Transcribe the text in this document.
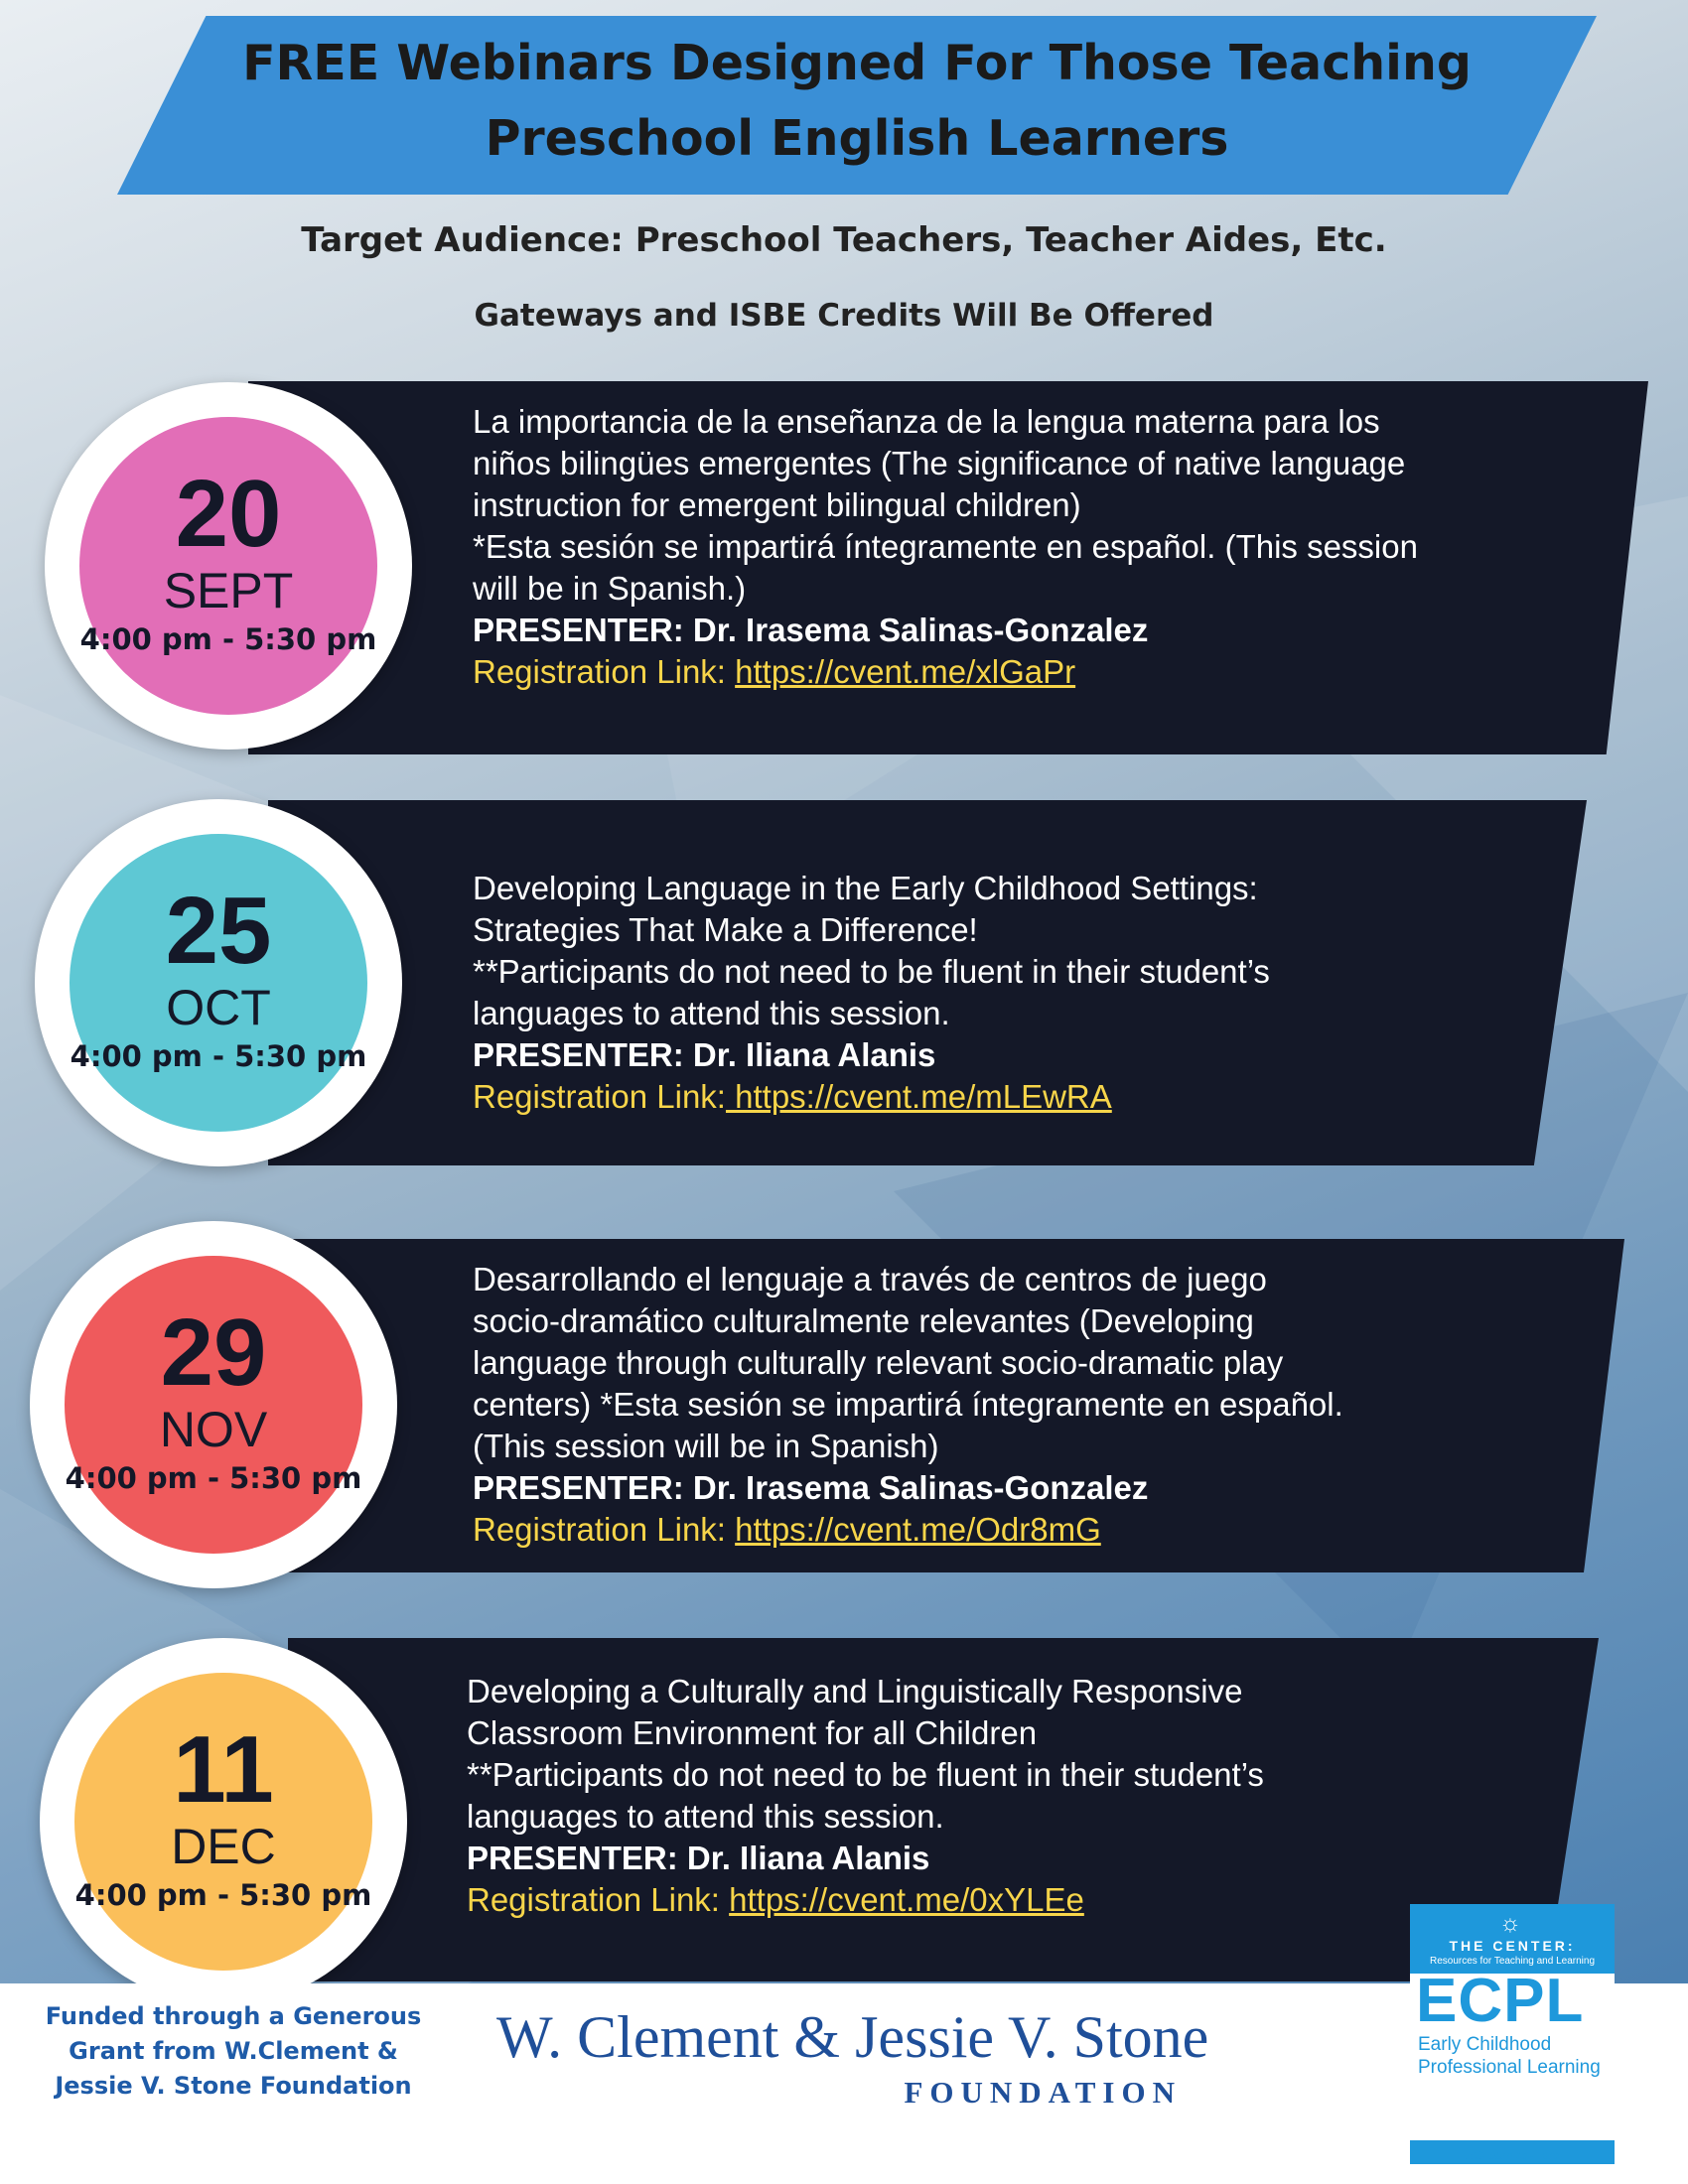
FREE Webinars Designed For Those Teaching Preschool English Learners
Target Audience: Preschool Teachers, Teacher Aides, Etc.
Gateways and ISBE Credits Will Be Offered
La importancia de la enseñanza de la lengua materna para los
niños bilingües emergentes (The significance of native language
instruction for emergent bilingual children)
*Esta sesión se impartirá íntegramente en español. (This session
will be in Spanish.)
PRESENTER: Dr. Irasema Salinas-Gonzalez
Registration Link: https://cvent.me/xlGaPr
20
SEPT
4:00 pm - 5:30 pm
Developing Language in the Early Childhood Settings:
Strategies That Make a Difference!
**Participants do not need to be fluent in their student’s
languages to attend this session.
PRESENTER: Dr. Iliana Alanis
Registration Link: https://cvent.me/mLEwRA
25
OCT
4:00 pm - 5:30 pm
Desarrollando el lenguaje a través de centros de juego
socio-dramático culturalmente relevantes (Developing
language through culturally relevant socio-dramatic play
centers) *Esta sesión se impartirá íntegramente en español.
(This session will be in Spanish)
PRESENTER: Dr. Irasema Salinas-Gonzalez
Registration Link: https://cvent.me/Odr8mG
29
NOV
4:00 pm - 5:30 pm
Developing a Culturally and Linguistically Responsive
Classroom Environment for all Children
**Participants do not need to be fluent in their student’s
languages to attend this session.
PRESENTER: Dr. Iliana Alanis
Registration Link: https://cvent.me/0xYLEe
11
DEC
4:00 pm - 5:30 pm
Funded through a Generous Grant from W.Clement & Jessie V. Stone Foundation
W. Clement & Jessie V. Stone
FOUNDATION
☼
THE CENTER:
Resources for Teaching and Learning
ECPL
Early Childhood Professional Learning
ECLearningIL.org
